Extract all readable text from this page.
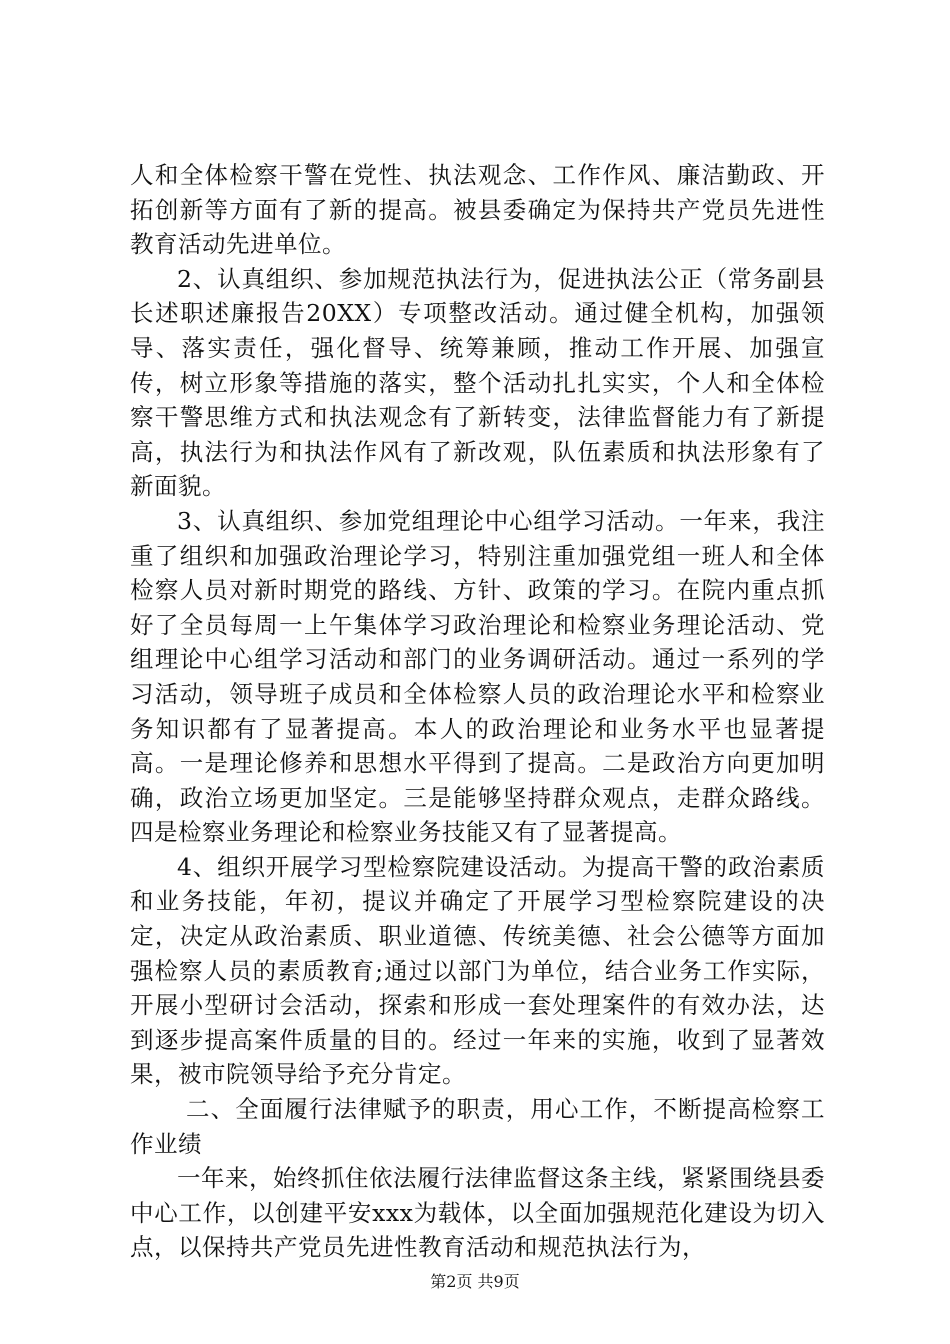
人和全体检察干警在党性、执法观念、工作作风、廉洁勤政、开拓创新等方面有了新的提高。被县委确定为保持共产党员先进性教育活动先进单位。

2、认真组织、参加规范执法行为，促进执法公正（常务副县长述职述廉报告20XX）专项整改活动。通过健全机构，加强领导、落实责任，强化督导、统筹兼顾，推动工作开展、加强宣传，树立形象等措施的落实，整个活动扎扎实实，个人和全体检察干警思维方式和执法观念有了新转变，法律监督能力有了新提高，执法行为和执法作风有了新改观，队伍素质和执法形象有了新面貌。

3、认真组织、参加党组理论中心组学习活动。一年来，我注重了组织和加强政治理论学习，特别注重加强党组一班人和全体检察人员对新时期党的路线、方针、政策的学习。在院内重点抓好了全员每周一上午集体学习政治理论和检察业务理论活动、党组理论中心组学习活动和部门的业务调研活动。通过一系列的学习活动，领导班子成员和全体检察人员的政治理论水平和检察业务知识都有了显著提高。本人的政治理论和业务水平也显著提高。一是理论修养和思想水平得到了提高。二是政治方向更加明确，政治立场更加坚定。三是能够坚持群众观点，走群众路线。四是检察业务理论和检察业务技能又有了显著提高。

4、组织开展学习型检察院建设活动。为提高干警的政治素质和业务技能，年初，提议并确定了开展学习型检察院建设的决定，决定从政治素质、职业道德、传统美德、社会公德等方面加强检察人员的素质教育;通过以部门为单位，结合业务工作实际，开展小型研讨会活动，探索和形成一套处理案件的有效办法，达到逐步提高案件质量的目的。经过一年来的实施，收到了显著效果，被市院领导给予充分肯定。

二、全面履行法律赋予的职责，用心工作，不断提高检察工作业绩

一年来，始终抓住依法履行法律监督这条主线，紧紧围绕县委中心工作，以创建平安xxx为载体，以全面加强规范化建设为切入点，以保持共产党员先进性教育活动和规范执法行为，

第2页 共9页
